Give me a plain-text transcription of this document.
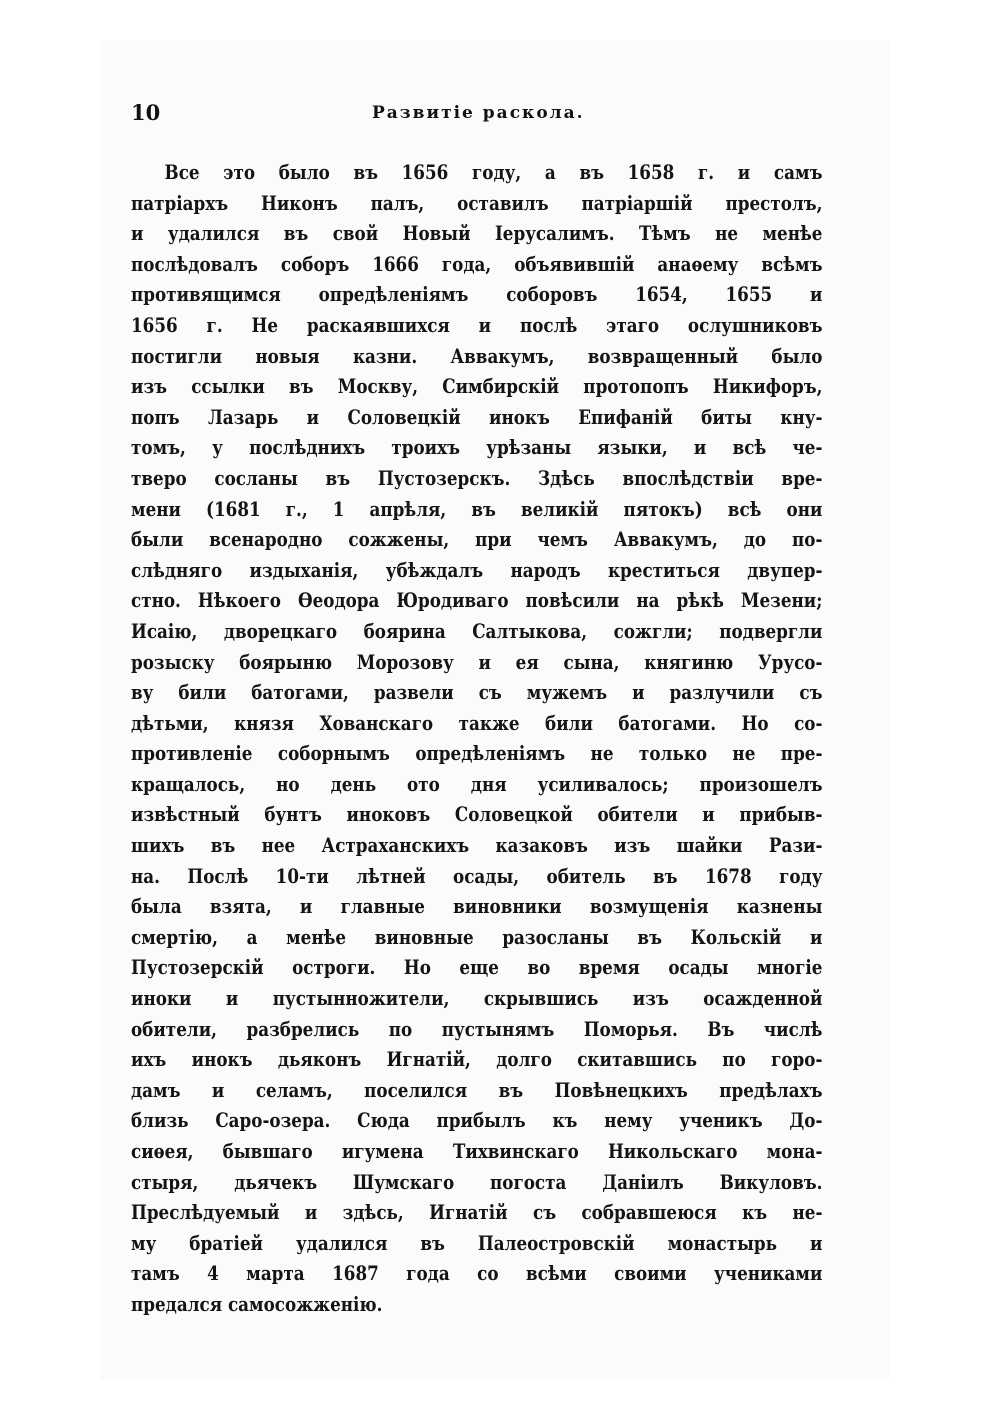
10	Развитіе раскола.
Все это было въ 1656 году, а въ 1658 г. и самъ
патріархъ Никонъ палъ, оставилъ патріаршій престолъ,
и удалился въ свой Новый Іерусалимъ. Тѣмъ не менѣе
послѣдовалъ соборъ 1666 года, объявившій анаѳему всѣмъ
противящимся опредѣленіямъ соборовъ 1654, 1655 и
1656 г. Не раскаявшихся и послѣ этаго ослушниковъ
постигли новыя казни. Аввакумъ, возвращенный было
изъ ссылки въ Москву, Симбирскій протопопъ Никифоръ,
попъ Лазарь и Соловецкій инокъ Епифаній биты кну-
томъ, у послѣднихъ троихъ урѣзаны языки, и всѣ че-
тверо сосланы въ Пустозерскъ. Здѣсь впослѣдствіи вре-
мени (1681 г., 1 апрѣля, въ великій пятокъ) всѣ они
были всенародно сожжены, при чемъ Аввакумъ, до по-
слѣдняго издыханія, убѣждалъ народъ креститься двупер-
стно. Нѣкоего Ѳеодора Юродиваго повѣсили на рѣкѣ Мезени;
Исаію, дворецкаго боярина Салтыкова, сожгли; подвергли
розыску боярыню Морозову и ея сына, княгиню Урусо-
ву били батогами, развели съ мужемъ и разлучили съ
дѣтьми, князя Хованскаго также били батогами. Но со-
противленіе соборнымъ опредѣленіямъ не только не пре-
кращалось, но день ото дня усиливалось; произошелъ
извѣстный бунтъ иноковъ Соловецкой обители и прибыв-
шихъ въ нее Астраханскихъ казаковъ изъ шайки Рази-
на. Послѣ 10-ти лѣтней осады, обитель въ 1678 году
была взята, и главные виновники возмущенія казнены
смертію, а менѣе виновные разосланы въ Кольскій и
Пустозерскій остроги. Но еще во время осады многіе
иноки и пустынножители, скрывшись изъ осажденной
обители, разбрелись по пустынямъ Поморья. Въ числѣ
ихъ инокъ дьяконъ Игнатій, долго скитавшись по горо-
дамъ и селамъ, поселился въ Повѣнецкихъ предѣлахъ
близь Саро-озера. Сюда прибылъ къ нему ученикъ До-
сиѳея, бывшаго игумена Тихвинскаго Никольскаго мона-
стыря, дьячекъ Шумскаго погоста Даніилъ Викуловъ.
Преслѣдуемый и здѣсь, Игнатій съ собравшеюся къ не-
му братіей удалился въ Палеостровскій монастырь и
тамъ 4 марта 1687 года со всѣми своими учениками
предался самосожженію.
